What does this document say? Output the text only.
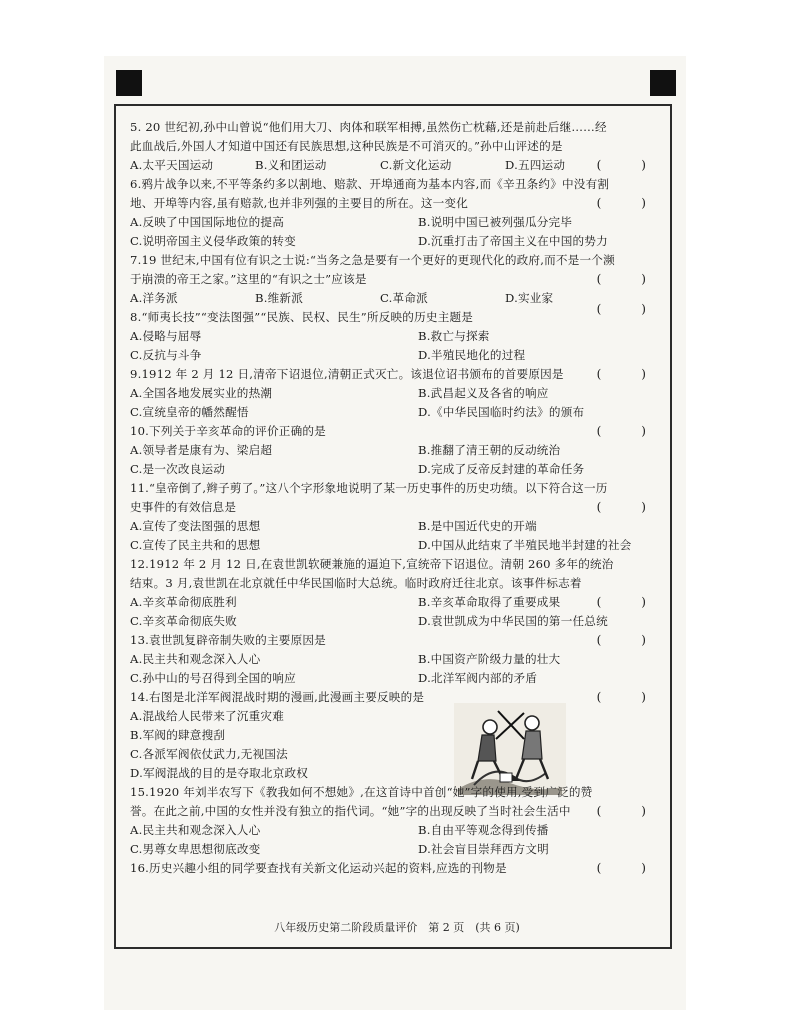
5. 20 世纪初,孙中山曾说“他们用大刀、肉体和联军相搏,虽然伤亡枕藉,还是前赴后继……经此血战后,外国人才知道中国还有民族思想,这种民族是不可消灭的。”孙中山评述的是
(　)
A.太平天国运动	B.义和团运动	C.新文化运动	D.五四运动
6.鸦片战争以来,不平等条约多以割地、赔款、开埠通商为基本内容,而《辛丑条约》中没有割地、开埠等内容,虽有赔款,也并非列强的主要目的所在。这一变化	(　)
A.反映了中国国际地位的提高	B.说明中国已被列强瓜分完毕
C.说明帝国主义侵华政策的转变	D.沉重打击了帝国主义在中国的势力
7.19 世纪末,中国有位有识之士说:“当务之急是要有一个更好的更现代化的政府,而不是一个濒于崩溃的帝王之家。”这里的“有识之士”应该是	(　)
A.洋务派	B.维新派	C.革命派	D.实业家
8.“师夷长技”“变法图强”“民族、民权、民生”所反映的历史主题是
(　)
A.侵略与屈辱	B.救亡与探索
C.反抗与斗争	D.半殖民地化的过程
9.1912 年 2 月 12 日,清帝下诏退位,清朝正式灭亡。该退位诏书颁布的首要原因是	(　)
A.全国各地发展实业的热潮	B.武昌起义及各省的响应
C.宣统皇帝的幡然醒悟	D.《中华民国临时约法》的颁布
10.下列关于辛亥革命的评价正确的是	(　)
A.领导者是康有为、梁启超	B.推翻了清王朝的反动统治
C.是一次改良运动	D.完成了反帝反封建的革命任务
11.“皇帝倒了,辫子剪了。”这八个字形象地说明了某一历史事件的历史功绩。以下符合这一历史事件的有效信息是	(　)
A.宣传了变法图强的思想	B.是中国近代史的开端
C.宣传了民主共和的思想	D.中国从此结束了半殖民地半封建的社会
12.1912 年 2 月 12 日,在袁世凯软硬兼施的逼迫下,宣统帝下诏退位。清朝 260 多年的统治结束。3 月,袁世凯在北京就任中华民国临时大总统。临时政府迁往北京。该事件标志着
(　)
A.辛亥革命彻底胜利	B.辛亥革命取得了重要成果
C.辛亥革命彻底失败	D.袁世凯成为中华民国的第一任总统
13.袁世凯复辟帝制失败的主要原因是	(　)
A.民主共和观念深入人心	B.中国资产阶级力量的壮大
C.孙中山的号召得到全国的响应	D.北洋军阀内部的矛盾
14.右图是北洋军阀混战时期的漫画,此漫画主要反映的是	(　)
A.混战给人民带来了沉重灾难
B.军阀的肆意搜刮
C.各派军阀依仗武力,无视国法
D.军阀混战的目的是夺取北京政权
15.1920 年刘半农写下《教我如何不想她》,在这首诗中首创“她”字的使用,受到广泛的赞誉。在此之前,中国的女性并没有独立的指代词。“她”字的出现反映了当时社会生活中	(　)
A.民主共和观念深入人心	B.自由平等观念得到传播
C.男尊女卑思想彻底改变	D.社会盲目崇拜西方文明
16.历史兴趣小组的同学要查找有关新文化运动兴起的资料,应选的刊物是	(　)
八年级历史第二阶段质量评价　第 2 页　(共 6 页)
